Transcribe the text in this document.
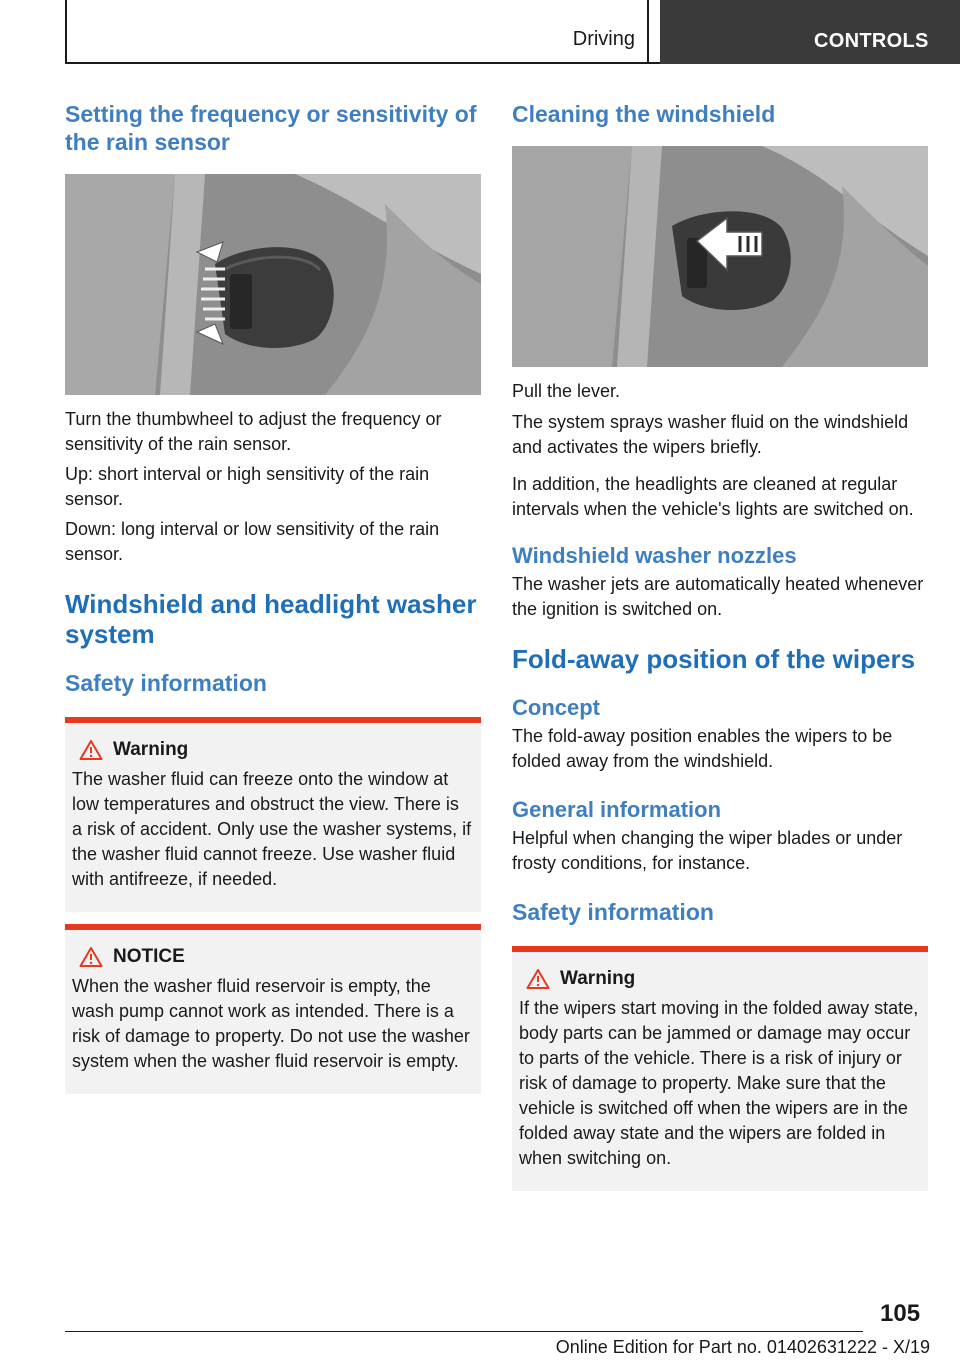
Driving	CONTROLS
Setting the frequency or sensitivity of the rain sensor

Turn the thumbwheel to adjust the frequency or sensitivity of the rain sensor.

Up: short interval or high sensitivity of the rain sensor.

Down: long interval or low sensitivity of the rain sensor.

Windshield and headlight washer system
Safety information
Warning

The washer fluid can freeze onto the window at low temperatures and obstruct the view. There is a risk of accident. Only use the washer systems, if the washer fluid cannot freeze. Use washer fluid with antifreeze, if needed.

NOTICE

When the washer fluid reservoir is empty, the wash pump cannot work as intended. There is a risk of damage to property. Do not use the washer system when the washer fluid reservoir is empty.

Cleaning the windshield

Pull the lever.

The system sprays washer fluid on the windshield and activates the wipers briefly.

In addition, the headlights are cleaned at regular intervals when the vehicle's lights are switched on.

Windshield washer nozzles

The washer jets are automatically heated whenever the ignition is switched on.

Fold-away position of the wipers
Concept

The fold-away position enables the wipers to be folded away from the windshield.

General information

Helpful when changing the wiper blades or under frosty conditions, for instance.

Safety information
Warning

If the wipers start moving in the folded away state, body parts can be jammed or damage may occur to parts of the vehicle. There is a risk of injury or risk of damage to property. Make sure that the vehicle is switched off when the wipers are in the folded away state and the wipers are folded in when switching on.

105
Online Edition for Part no. 01402631222 - X/19
